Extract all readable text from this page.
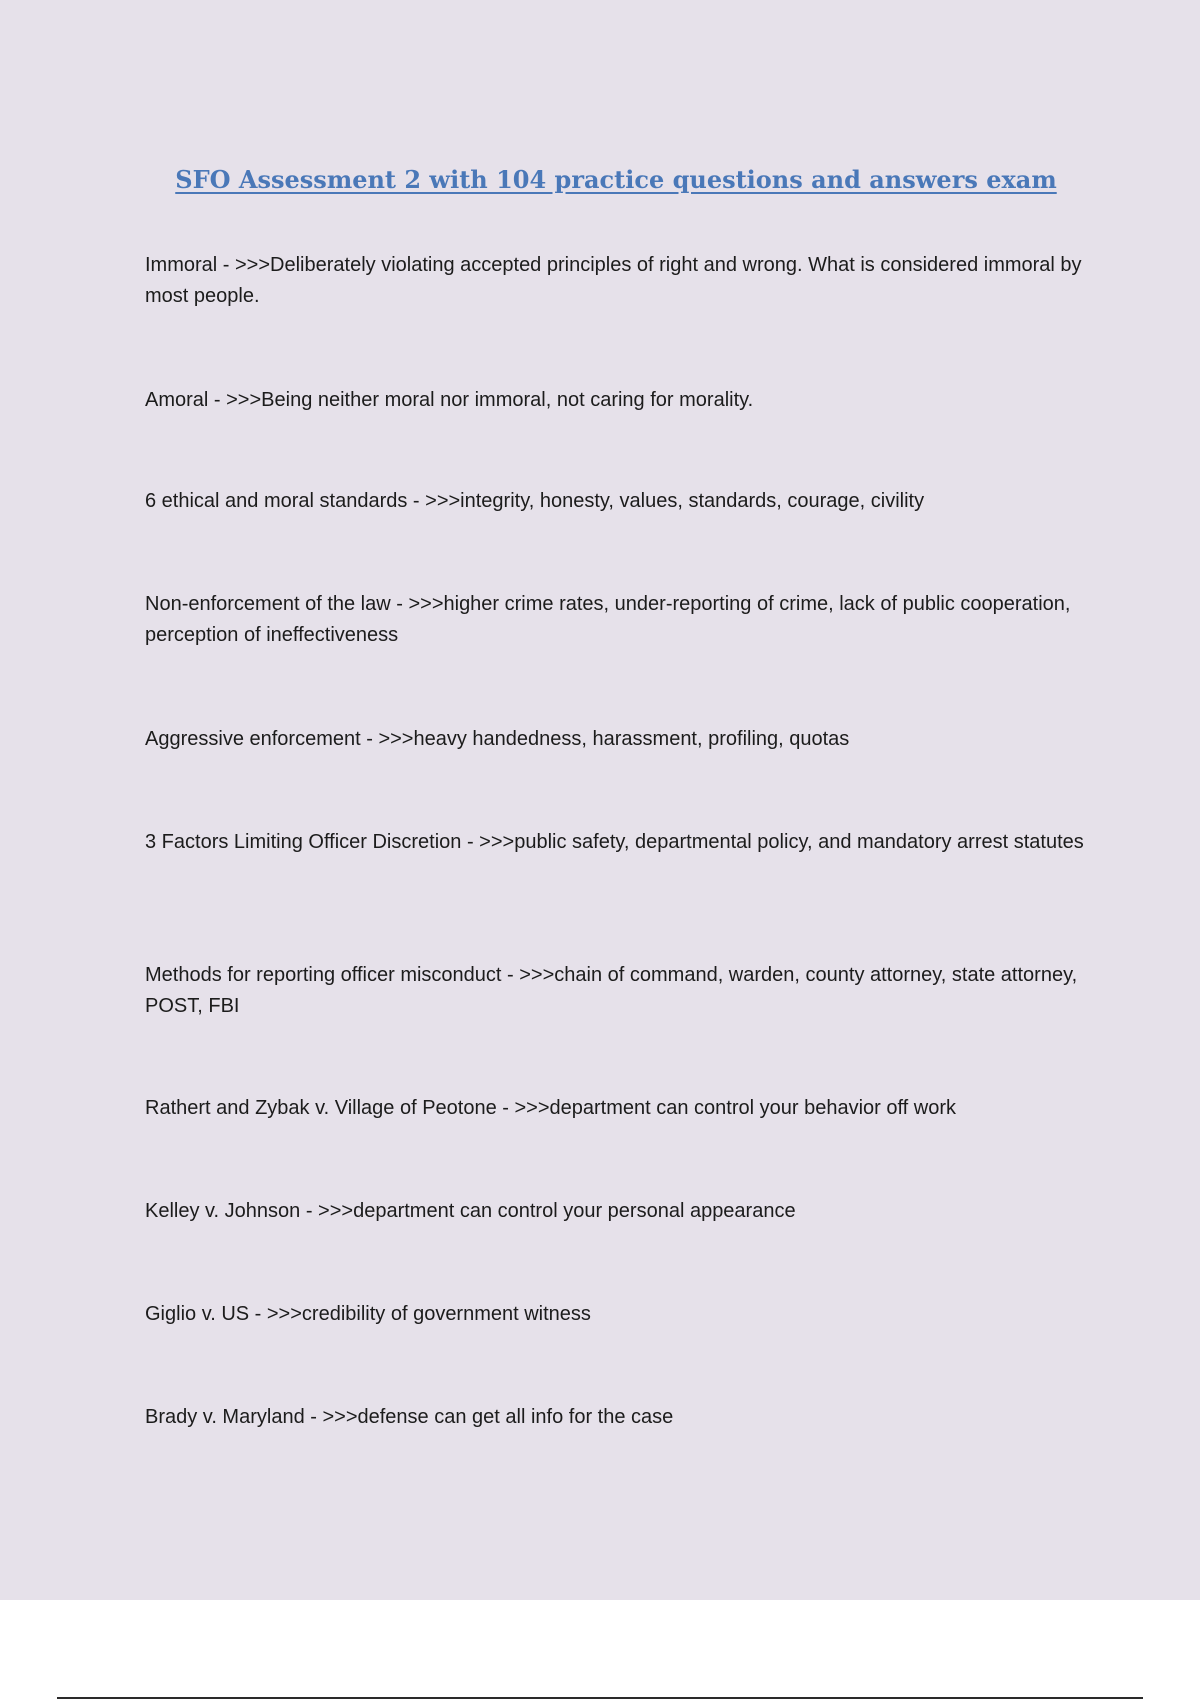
SFO Assessment 2 with 104 practice questions and answers exam

Immoral - >>>Deliberately violating accepted principles of right and wrong. What is considered immoral by most people.

Amoral - >>>Being neither moral nor immoral, not caring for morality.

6 ethical and moral standards - >>>integrity, honesty, values, standards, courage, civility

Non-enforcement of the law - >>>higher crime rates, under-reporting of crime, lack of public cooperation, perception of ineffectiveness

Aggressive enforcement - >>>heavy handedness, harassment, profiling, quotas

3 Factors Limiting Officer Discretion - >>>public safety, departmental policy, and mandatory arrest statutes

Methods for reporting officer misconduct - >>>chain of command, warden, county attorney, state attorney, POST, FBI

Rathert and Zybak v. Village of Peotone - >>>department can control your behavior off work

Kelley v. Johnson - >>>department can control your personal appearance

Giglio v. US - >>>credibility of government witness

Brady v. Maryland - >>>defense can get all info for the case
